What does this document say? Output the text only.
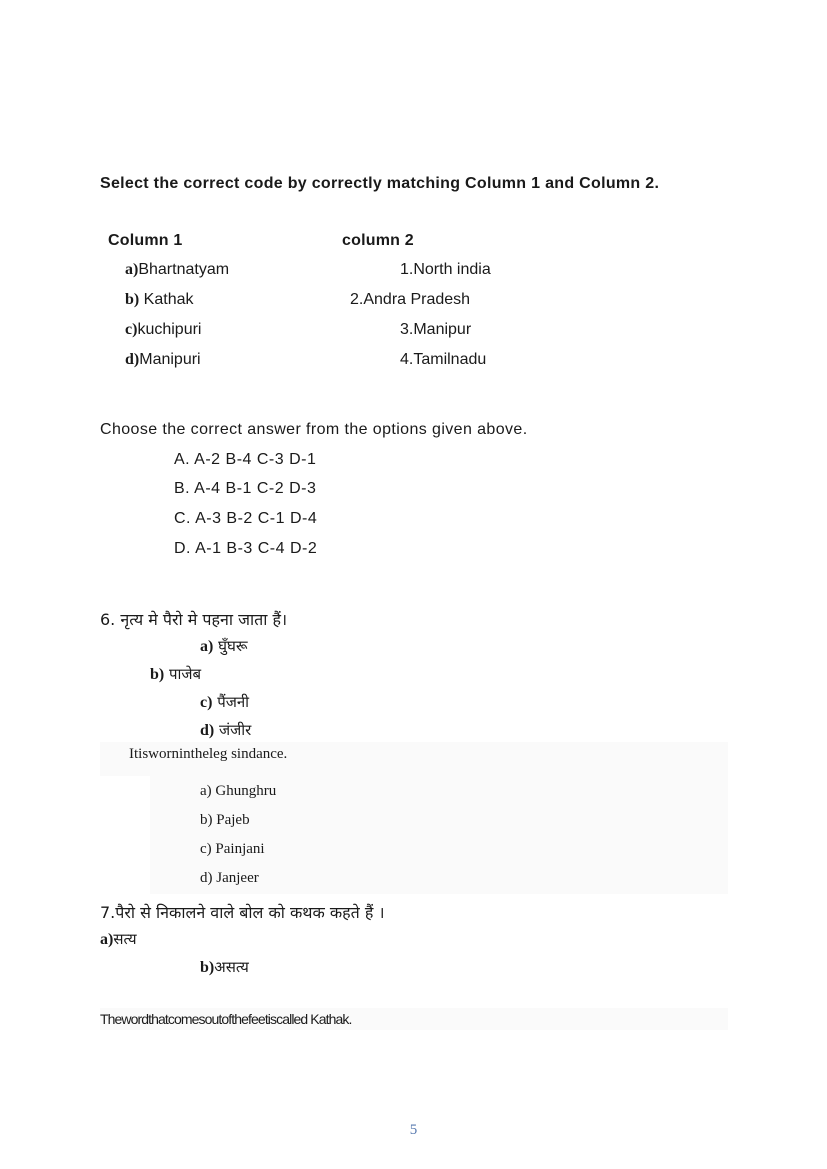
Select the correct code by correctly matching Column 1 and Column 2.
Column 1	column 2
a)Bhartnatyam	1.North india
b) Kathak	2.Andra Pradesh
c)kuchipuri	3.Manipur
d)Manipuri	4.Tamilnadu
Choose the correct answer from the options given above.
A. A-2 B-4 C-3 D-1
B. A-4 B-1 C-2 D-3
C. A-3 B-2 C-1 D-4
D. A-1 B-3 C-4 D-2
6. नृत्य मे पैरो मे पहना जाता हैं।
a) घुँघरू
b) पाजेब
c) पैंजनी
d) जंजीर
Itiswornintheleg sindance.
a) Ghunghru
b) Pajeb
c) Painjani
d) Janjeer
7.पैरो से निकालने वाले बोल को कथक कहते हैं ।
a)सत्य
b)असत्य
Thewordthatcomesoutofthefeetiscalled Kathak.
5
